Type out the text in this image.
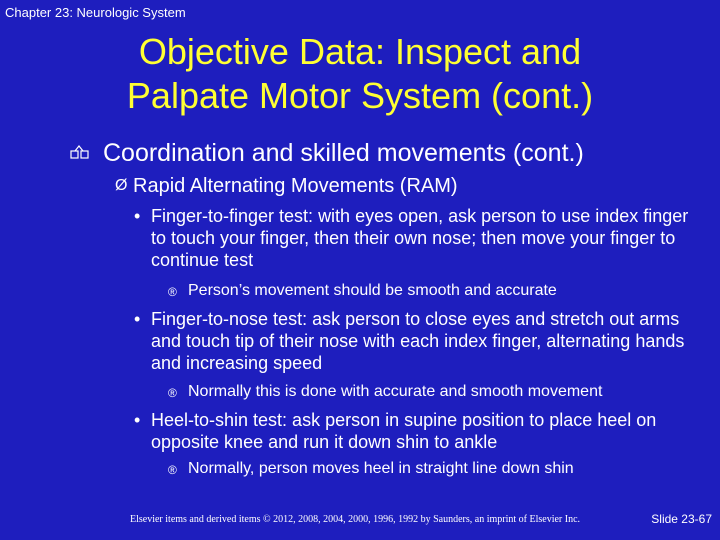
Chapter 23: Neurologic System
Objective Data: Inspect and
Palpate Motor System (cont.)
Coordination and skilled movements (cont.)
Ø Rapid Alternating Movements (RAM)
• Finger-to-finger test: with eyes open, ask person to use index finger to touch your finger, then their own nose; then move your finger to continue test
® Person’s movement should be smooth and accurate
• Finger-to-nose test: ask person to close eyes and stretch out arms and touch tip of their nose with each index finger, alternating hands and increasing speed
® Normally this is done with accurate and smooth movement
• Heel-to-shin test: ask person in supine position to place heel on opposite knee and run it down shin to ankle
® Normally, person moves heel in straight line down shin
Elsevier items and derived items © 2012, 2008, 2004, 2000, 1996, 1992 by Saunders, an imprint of Elsevier Inc.	Slide 23-67
